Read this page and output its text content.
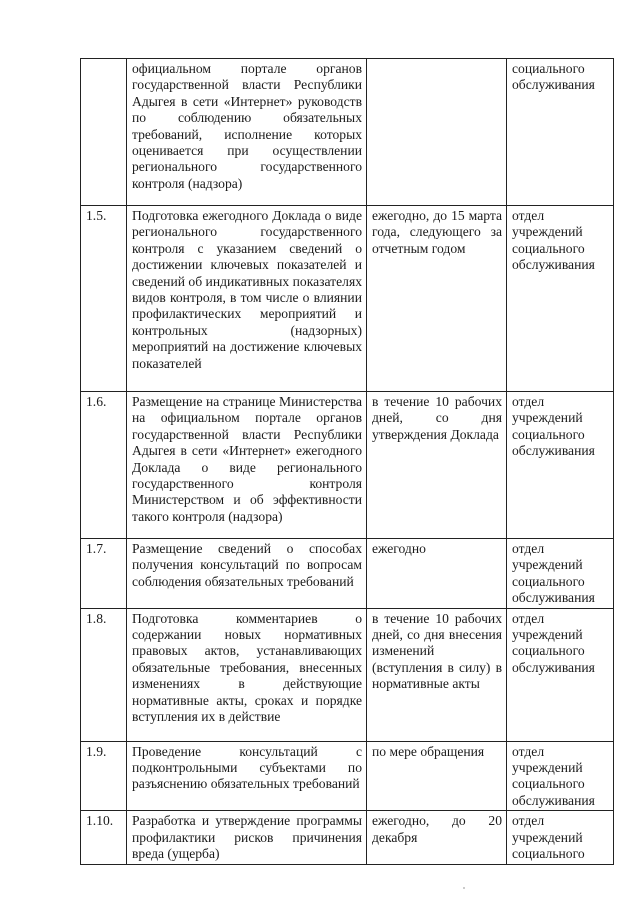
	официальном портале органов государственной власти Республики Адыгея в сети «Интернет» руководств по соблюдению обязательных требований, исполнение которых оценивается при осуществлении регионального государственного контроля (надзора)		социального обслуживания
1.5.	Подготовка ежегодного Доклада о виде регионального государственного контроля с указанием сведений о достижении ключевых показателей и сведений об индикативных показателях видов контроля, в том числе о влиянии профилактических мероприятий и контрольных (надзорных) мероприятий на достижение ключевых показателей	ежегодно, до 15 марта года, следующего за отчетным годом	отдел учреждений социального обслуживания
1.6.	Размещение на странице Министерства на официальном портале органов государственной власти Республики Адыгея в сети «Интернет» ежегодного Доклада о виде регионального государственного контроля Министерством и об эффективности такого контроля (надзора)	в течение 10 рабочих дней, со дня утверждения Доклада	отдел учреждений социального обслуживания
1.7.	Размещение сведений о способах получения консультаций по вопросам соблюдения обязательных требований	ежегодно	отдел учреждений социального обслуживания
1.8.	Подготовка комментариев о содержании новых нормативных правовых актов, устанавливающих обязательные требования, внесенных изменениях в действующие нормативные акты, сроках и порядке вступления их в действие	в течение 10 рабочих дней, со дня внесения изменений (вступления в силу) в нормативные акты	отдел учреждений социального обслуживания
1.9.	Проведение консультаций с подконтрольными субъектами по разъяснению обязательных требований	по мере обращения	отдел учреждений социального обслуживания
1.10.	Разработка и утверждение программы профилактики рисков причинения вреда (ущерба)	ежегодно, до 20 декабря	отдел учреждений социального
